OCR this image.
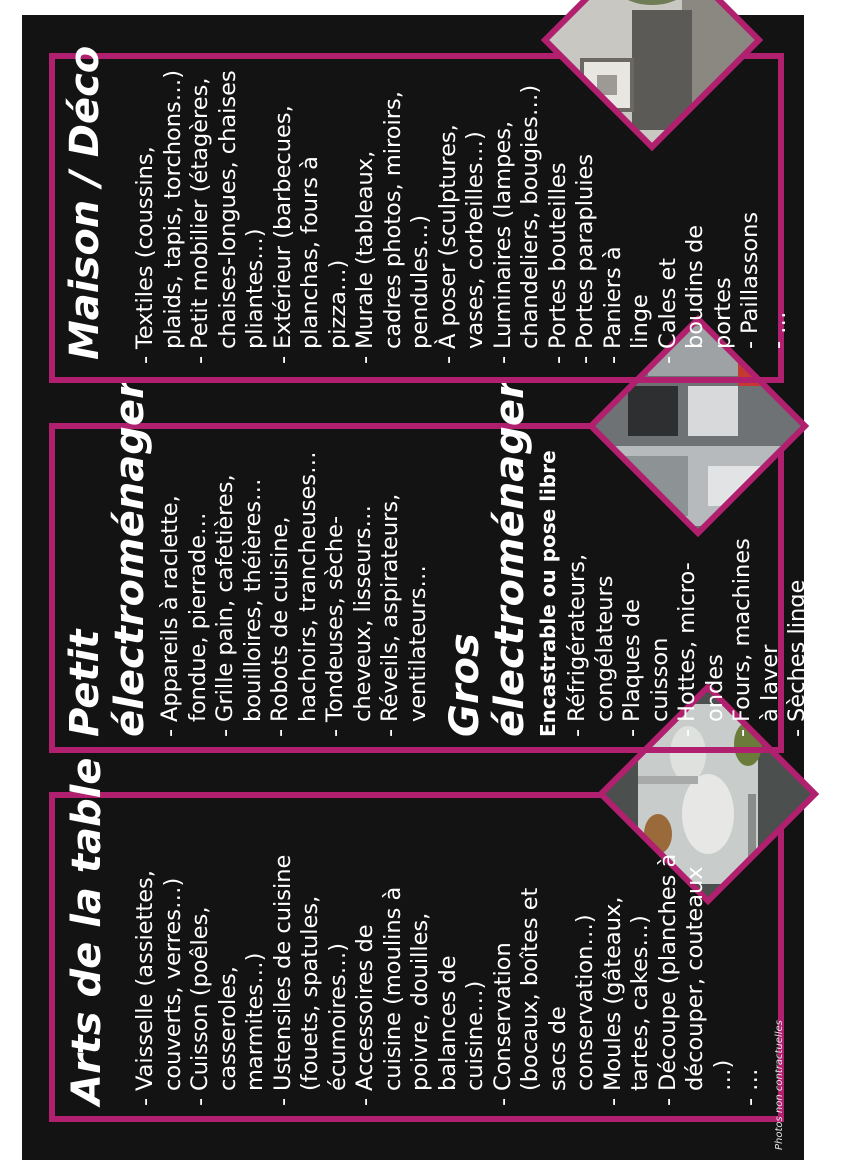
Arts de la table - Vaisselle (assiettes, couverts, verres…) - Cuisson (poêles, casseroles, marmites…) - Ustensiles de cuisine (fouets, spatules, écumoires…) - Accessoires de cuisine (moulins à poivre, douilles, balances de cuisine…) - Conservation (bocaux, boîtes et sacs de conservation…) - Moules (gâteaux, tartes, cakes…) - Découpe (planches à découper, couteaux …) - … Photos non contractuelles
Petit électroménager - Appareils à raclette, fondue, pierrade… - Grille pain, cafetières, bouilloires, théières… - Robots de cuisine, hachoirs, trancheuses… - Tondeuses, sèche-cheveux, lisseurs… - Réveils, aspirateurs, ventilateurs… Gros électroménager Encastrable ou pose libre - Réfrigérateurs, congélateurs - Plaques de cuisson - Hottes, micro-ondes - Fours, machines à laver - Sèches linge - Téléviseurs - …
Maison / Déco - Textiles (coussins, plaids, tapis, torchons…) - Petit mobilier (étagères, chaises-longues, chaises pliantes…) - Extérieur (barbecues, planchas, fours à pizza…) - Murale (tableaux, cadres photos, miroirs, pendules…) - À poser (sculptures, vases, corbeilles…) - Luminaires (lampes, chandeliers, bougies…) - Portes bouteilles - Portes parapluies - Paniers à linge - Cales et boudins de portes - Paillassons - …
